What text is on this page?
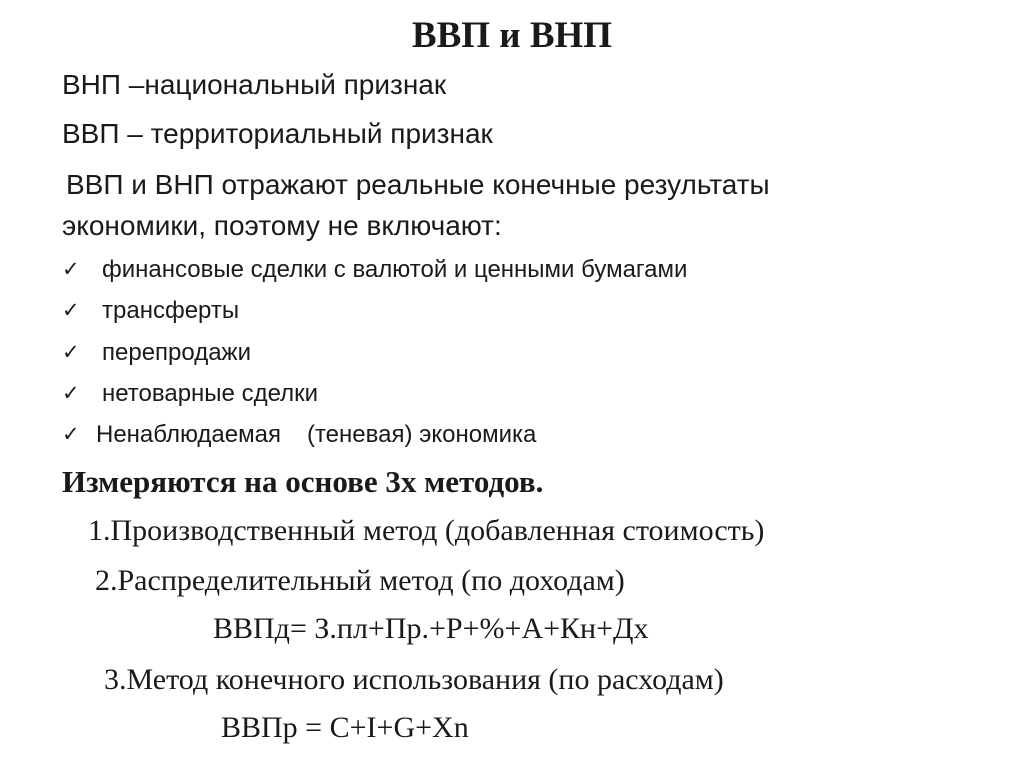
ВВП и ВНП
ВНП –национальный признак
ВВП – территориальный признак
ВВП и ВНП отражают реальные конечные результаты
экономики, поэтому не включают:
✓ финансовые сделки с валютой и ценными бумагами
✓ трансферты
✓ перепродажи
✓ нетоварные сделки
✓ Ненаблюдаемая (теневая) экономика
Измеряются на основе 3х методов.
1.Производственный метод (добавленная стоимость)
2.Распределительный метод (по доходам)
ВВПд= З.пл+Пр.+Р+%+А+Кн+Дх
3.Метод конечного использования (по расходам)
ВВПр = C+I+G+Xn
